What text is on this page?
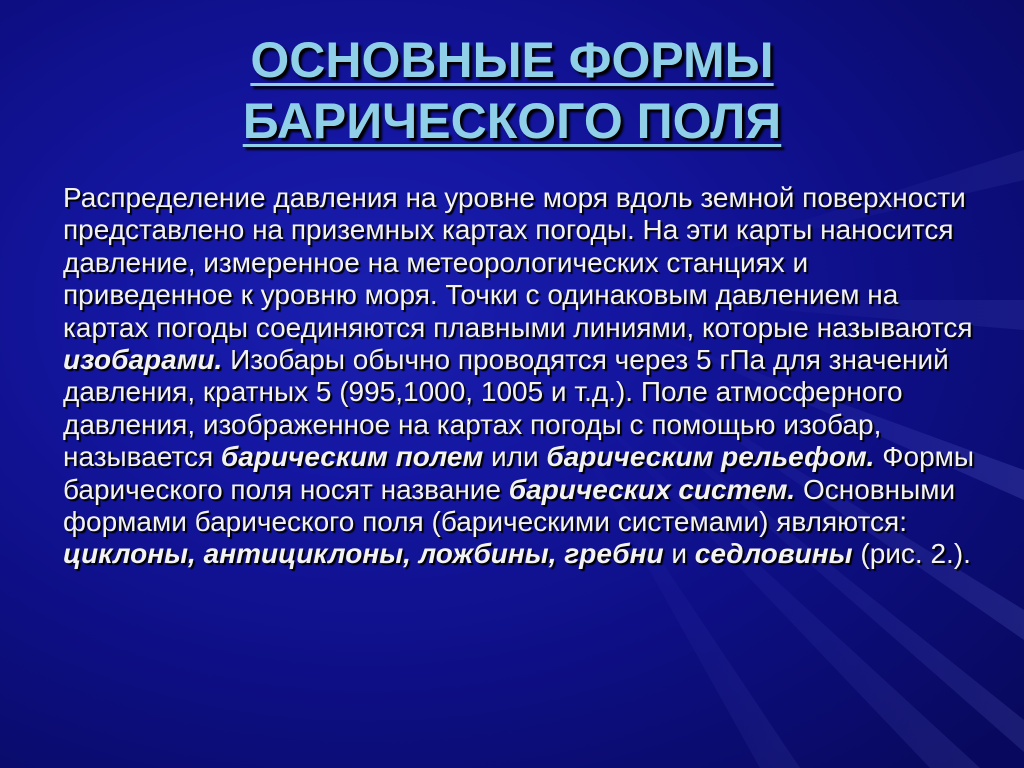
ОСНОВНЫЕ ФОРМЫ
БАРИЧЕСКОГО ПОЛЯ

Распределение давления на уровне моря вдоль земной поверхности представлено на приземных картах погоды. На эти карты наносится давление, измеренное на метеорологических станциях и приведенное к уровню моря. Точки с одинаковым давлением на картах погоды соединяются плавными линиями, которые называются изобарами. Изобары обычно проводятся через 5 гПа для значений давления, кратных 5 (995,1000, 1005 и т.д.). Поле атмосферного давления, изображенное на картах погоды с помощью изобар, называется барическим полем или барическим рельефом. Формы барического поля носят название барических систем. Основными формами барического поля (барическими системами) являются: циклоны, антициклоны, ложбины, гребни и седловины (рис. 2.).
